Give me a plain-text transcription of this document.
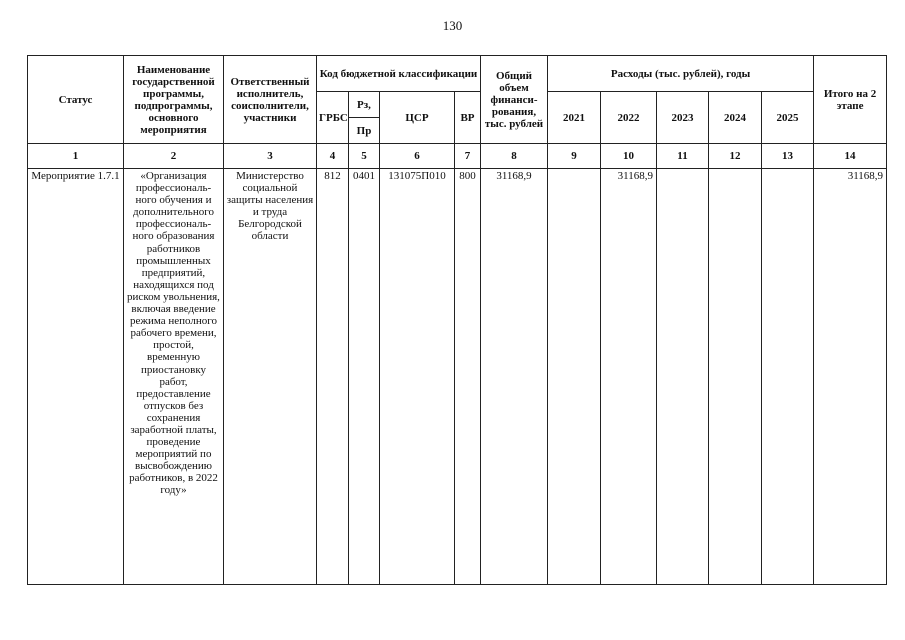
130
Статус	Наименование государственной программы, подпрограммы, основного мероприятия	Ответственный исполнитель, соисполнители, участники	Код бюджетной классификации				Общий объем финанси-рования, тыс. рублей	Расходы (тыс. рублей), годы					Итого на 2 этапе
			ГРБС	Рз,	ЦСР	ВР		2021	2022	2023	2024	2025	
				Пр									
1	2	3	4	5	6	7	8	9	10	11	12	13	14
Мероприятие 1.7.1	«Организация профессиональ-ного обучения и дополнительного профессиональ-ного образования работников промышленных предприятий, находящихся под риском увольнения, включая введение режима неполного рабочего времени, простой, временную приостановку работ, предоставление отпусков без сохранения заработной платы, проведение мероприятий по высвобождению работников, в 2022 году»	Министерство социальной защиты населения и труда Белгородской области	812	0401	131075П010	800	31168,9		31168,9				31168,9
